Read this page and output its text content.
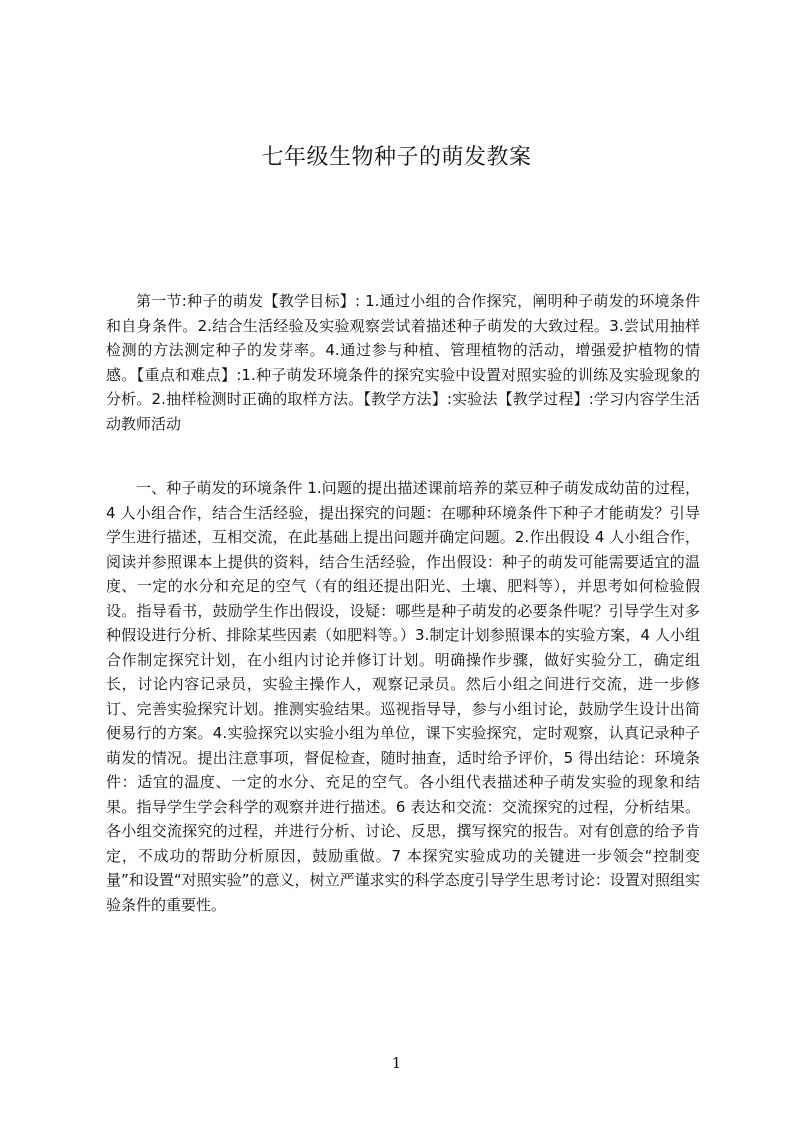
七年级生物种子的萌发教案

第一节:种子的萌发【教学目标】: 1.通过小组的合作探究，阐明种子萌发的环境条件和自身条件。2.结合生活经验及实验观察尝试着描述种子萌发的大致过程。3.尝试用抽样检测的方法测定种子的发芽率。4.通过参与种植、管理植物的活动，增强爱护植物的情感。【重点和难点】:1.种子萌发环境条件的探究实验中设置对照实验的训练及实验现象的分析。2.抽样检测时正确的取样方法。【教学方法】:实验法【教学过程】:学习内容学生活动教师活动

一、种子萌发的环境条件 1.问题的提出描述课前培养的菜豆种子萌发成幼苗的过程，4 人小组合作，结合生活经验，提出探究的问题：在哪种环境条件下种子才能萌发？引导学生进行描述，互相交流，在此基础上提出问题并确定问题。2.作出假设 4 人小组合作，阅读并参照课本上提供的资料，结合生活经验，作出假设：种子的萌发可能需要适宜的温度、一定的水分和充足的空气（有的组还提出阳光、土壤、肥料等），并思考如何检验假设。指导看书，鼓励学生作出假设，设疑：哪些是种子萌发的必要条件呢？引导学生对多种假设进行分析、排除某些因素（如肥料等。）3.制定计划参照课本的实验方案，4 人小组合作制定探究计划，在小组内讨论并修订计划。明确操作步骤，做好实验分工，确定组长，讨论内容记录员，实验主操作人，观察记录员。然后小组之间进行交流，进一步修订、完善实验探究计划。推测实验结果。巡视指导导，参与小组讨论，鼓励学生设计出简便易行的方案。4.实验探究以实验小组为单位，课下实验探究，定时观察，认真记录种子萌发的情况。提出注意事项，督促检查，随时抽查，适时给予评价，5 得出结论：环境条件：适宜的温度、一定的水分、充足的空气。各小组代表描述种子萌发实验的现象和结果。指导学生学会科学的观察并进行描述。6 表达和交流：交流探究的过程，分析结果。各小组交流探究的过程，并进行分析、讨论、反思，撰写探究的报告。对有创意的给予肯定，不成功的帮助分析原因，鼓励重做。7 本探究实验成功的关键进一步领会“控制变量”和设置“对照实验”的意义，树立严谨求实的科学态度引导学生思考讨论：设置对照组实验条件的重要性。

1
